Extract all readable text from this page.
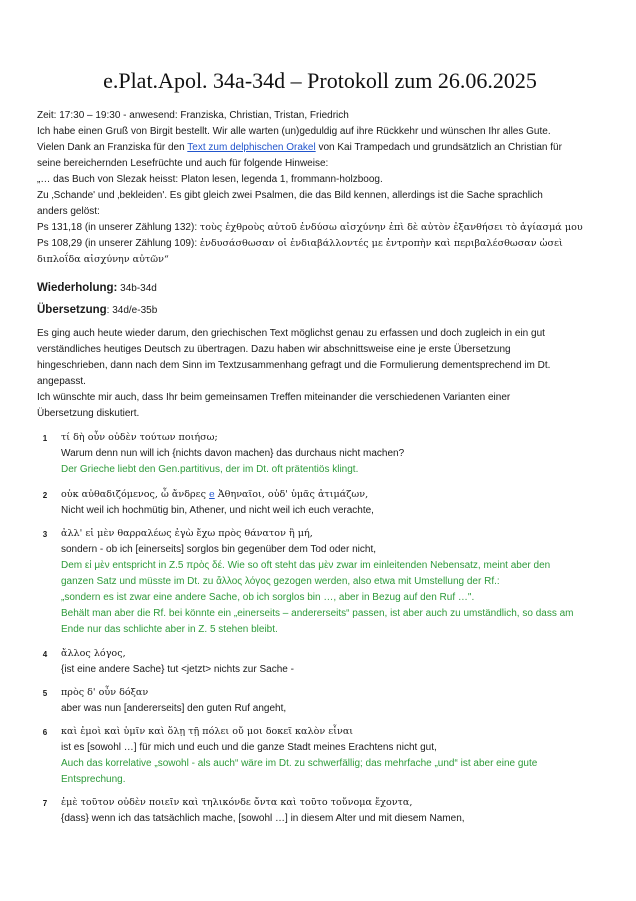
e.Plat.Apol. 34a-34d – Protokoll zum 26.06.2025
Zeit: 17:30 – 19:30 - anwesend: Franziska, Christian, Tristan, Friedrich
Ich habe einen Gruß von Birgit bestellt. Wir alle warten (un)geduldig auf ihre Rückkehr und wünschen Ihr alles Gute.
Vielen Dank an Franziska für den Text zum delphischen Orakel von Kai Trampedach und grundsätzlich an Christian für
seine bereichernden Lesefrüchte und auch für folgende Hinweise:
„… das Buch von Slezak heisst: Platon lesen, legenda 1, frommann-holzboog.
Zu ‚Schande' und ‚bekleiden'. Es gibt gleich zwei Psalmen, die das Bild kennen, allerdings ist die Sache sprachlich
anders gelöst:
Ps 131,18 (in unserer Zählung 132): τοὺς ἐχθροὺς αὐτοῦ ἐνδύσω αἰσχύνην ἐπὶ δὲ αὐτὸν ἐξανθήσει τὸ ἁγίασμά μου
Ps 108,29 (in unserer Zählung 109): ἐνδυσάσθωσαν οἱ ἐνδιαβάλλοντές με ἐντροπὴν καὶ περιβαλέσθωσαν ὡσεὶ
διπλοΐδα αἰσχύνην αὐτῶν“
Wiederholung: 34b-34d
Übersetzung: 34d/e-35b
Es ging auch heute wieder darum, den griechischen Text möglichst genau zu erfassen und doch zugleich in ein gut
verständliches heutiges Deutsch zu übertragen. Dazu haben wir abschnittsweise eine je erste Übersetzung
hingeschrieben, dann nach dem Sinn im Textzusammenhang gefragt und die Formulierung dementsprechend im Dt.
angepasst.
Ich wünschte mir auch, dass Ihr beim gemeinsamen Treffen miteinander die verschiedenen Varianten einer
Übersetzung diskutiert.
1	τί δὴ οὖν οὐδὲν τούτων ποιήσω;
Warum denn nun will ich {nichts davon machen} das durchaus nicht machen?
Der Grieche liebt den Gen.partitivus, der im Dt. oft prätentiös klingt.
2	οὐκ αὐθαδιζόμενος, ὦ ἄνδρες e Ἀθηναῖοι, οὐδ' ὑμᾶς ἀτιμάζων,
Nicht weil ich hochmütig bin, Athener, und nicht weil ich euch verachte,
3	ἀλλ' εἰ μὲν θαρραλέως ἐγὼ ἔχω πρὸς θάνατον ἢ μή,
sondern - ob ich [einerseits] sorglos bin gegenüber dem Tod oder nicht,
Dem εἰ μὲν entspricht in Z.5 πρὸς δέ. Wie so oft steht das μὲν zwar im einleitenden Nebensatz, meint aber den
ganzen Satz und müsste im Dt. zu ἄλλος λόγος gezogen werden, also etwa mit Umstellung der Rf.:
„sondern es ist zwar eine andere Sache, ob ich sorglos bin …, aber in Bezug auf den Ruf …".
Behält man aber die Rf. bei könnte ein „einerseits – andererseits“ passen, ist aber auch zu umständlich, so dass am
Ende nur das schlichte aber in Z. 5 stehen bleibt.
4	ἄλλος λόγος,
{ist eine andere Sache} tut <jetzt> nichts zur Sache -
5	πρὸς δ' οὖν δόξαν
aber was nun [andererseits] den guten Ruf angeht,
6	καὶ ἐμοὶ καὶ ὑμῖν καὶ ὅλῃ τῇ πόλει οὔ μοι δοκεῖ καλὸν εἶναι
ist es [sowohl …] für mich und euch und die ganze Stadt meines Erachtens nicht gut,
Auch das korrelative „sowohl - als auch“ wäre im Dt. zu schwerfällig; das mehrfache „und“ ist aber eine gute
Entsprechung.
7	ἐμὲ τοῦτον οὐδὲν ποιεῖν καὶ τηλικόνδε ὄντα καὶ τοῦτο τοὔνομα ἔχοντα,
{dass} wenn ich das tatsächlich mache, [sowohl …] in diesem Alter und mit diesem Namen,
